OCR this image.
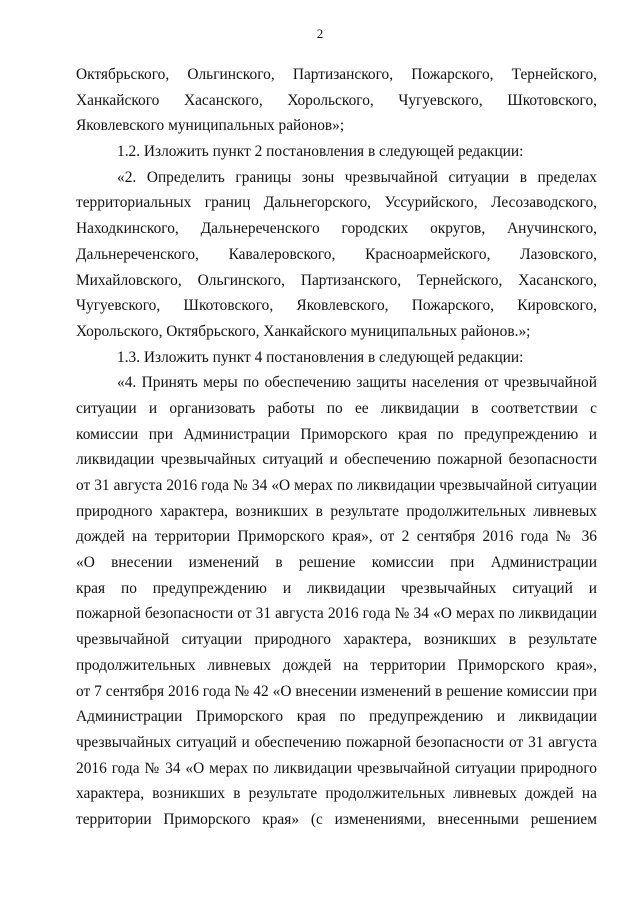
2
Октябрьского, Ольгинского, Партизанского, Пожарского, Тернейского,
Ханкайского Хасанского, Хорольского, Чугуевского, Шкотовского,
Яковлевского муниципальных районов»;
1.2. Изложить пункт 2 постановления в следующей редакции:
«2. Определить границы зоны чрезвычайной ситуации в пределах
территориальных границ Дальнегорского, Уссурийского, Лесозаводского,
Находкинского, Дальнереченского городских округов, Анучинского,
Дальнереченского, Кавалеровского, Красноармейского, Лазовского,
Михайловского, Ольгинского, Партизанского, Тернейского, Хасанского,
Чугуевского, Шкотовского, Яковлевского, Пожарского, Кировского,
Хорольского, Октябрьского, Ханкайского муниципальных районов.»;
1.3. Изложить пункт 4 постановления в следующей редакции:
«4. Принять меры по обеспечению защиты населения от чрезвычайной
ситуации и организовать работы по ее ликвидации в соответствии с
комиссии при Администрации Приморского края по предупреждению и
ликвидации чрезвычайных ситуаций и обеспечению пожарной безопасности
от 31 августа 2016 года № 34 «О мерах по ликвидации чрезвычайной ситуации
природного характера, возникших в результате продолжительных ливневых
дождей на территории Приморского края», от 2 сентября 2016 года № 36
«О внесении изменений в решение комиссии при Администрации
края по предупреждению и ликвидации чрезвычайных ситуаций и
пожарной безопасности от 31 августа 2016 года № 34 «О мерах по ликвидации
чрезвычайной ситуации природного характера, возникших в результате
продолжительных ливневых дождей на территории Приморского края»,
от 7 сентября 2016 года № 42 «О внесении изменений в решение комиссии при
Администрации Приморского края по предупреждению и ликвидации
чрезвычайных ситуаций и обеспечению пожарной безопасности от 31 августа
2016 года № 34 «О мерах по ликвидации чрезвычайной ситуации природного
характера, возникших в результате продолжительных ливневых дождей на
территории Приморского края» (с изменениями, внесенными решением
